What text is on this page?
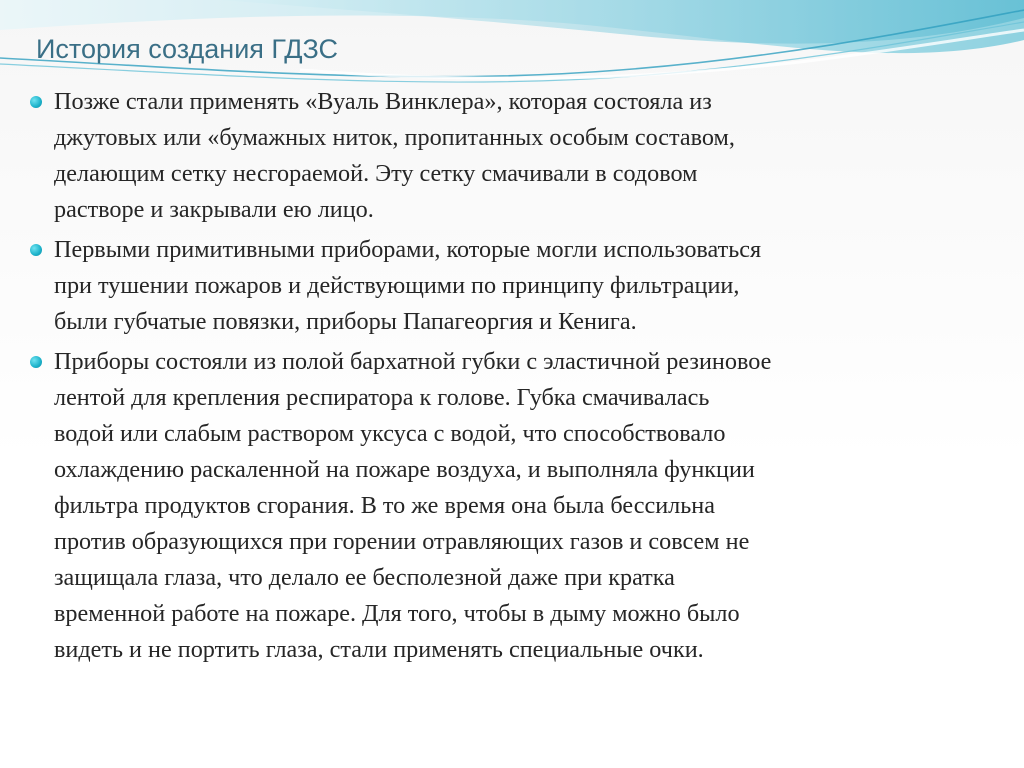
История создания ГДЗС
Позже стали применять «Вуаль Винклера», которая состояла из
джутовых или «бумажных ниток, пропитанных особым составом,
делающим сетку несгораемой. Эту сетку смачивали в содовом
растворе и закрывали ею лицо.
Первыми примитивными приборами, которые могли использоваться
при тушении пожаров и действующими по принципу фильтрации,
были губчатые повязки, приборы Папагеоргия и Кенига.
Приборы состояли из полой бархатной губки с эластичной резиновое
лентой для крепления респиратора к голове. Губка смачивалась
водой или слабым раствором уксуса с водой, что способствовало
охлаждению раскаленной на пожаре воздуха, и выполняла функции
фильтра продуктов сгорания. В то же время она была бессильна
против образующихся при горении отравляющих газов и совсем не
защищала глаза, что делало ее бесполезной даже при кратка
временной работе на пожаре. Для того, чтобы в дыму можно было
видеть и не портить глаза, стали применять специальные очки.
